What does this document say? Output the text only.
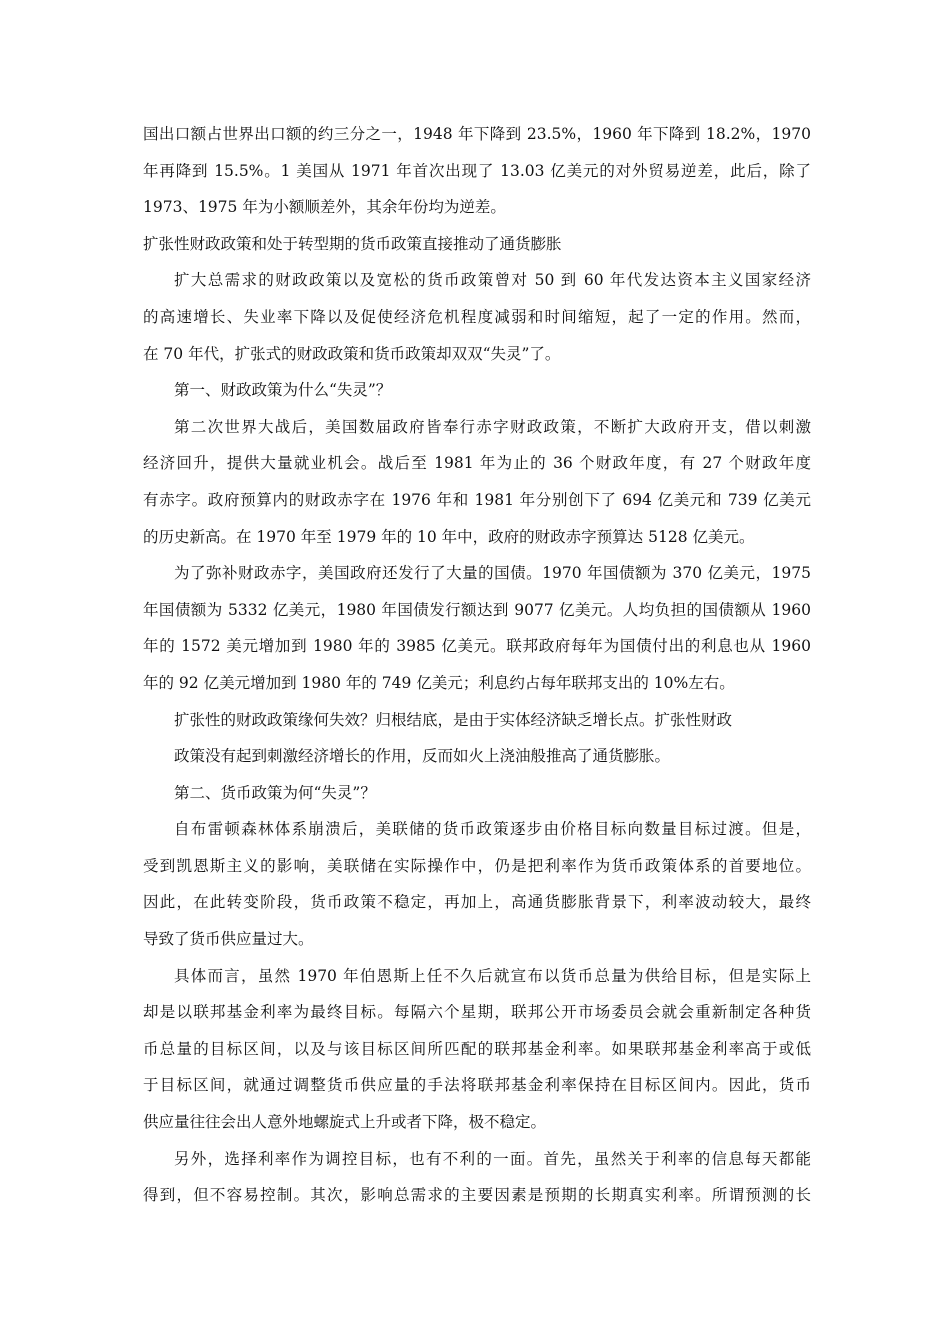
国出口额占世界出口额的约三分之一，1948 年下降到 23.5%，1960 年下降到 18.2%，1970
年再降到 15.5%。1 美国从 1971 年首次出现了 13.03 亿美元的对外贸易逆差，此后，除了
1973、1975 年为小额顺差外，其余年份均为逆差。
扩张性财政政策和处于转型期的货币政策直接推动了通货膨胀
扩大总需求的财政政策以及宽松的货币政策曾对 50 到 60 年代发达资本主义国家经济
的高速增长、失业率下降以及促使经济危机程度减弱和时间缩短，起了一定的作用。然而，
在 70 年代，扩张式的财政政策和货币政策却双双“失灵”了。
第一、财政政策为什么“失灵”？
第二次世界大战后，美国数届政府皆奉行赤字财政政策，不断扩大政府开支，借以刺激
经济回升，提供大量就业机会。战后至 1981 年为止的 36 个财政年度，有 27 个财政年度
有赤字。政府预算内的财政赤字在 1976 年和 1981 年分别创下了 694 亿美元和 739 亿美元
的历史新高。在 1970 年至 1979 年的 10 年中，政府的财政赤字预算达 5128 亿美元。
为了弥补财政赤字，美国政府还发行了大量的国债。1970 年国债额为 370 亿美元，1975
年国债额为 5332 亿美元，1980 年国债发行额达到 9077 亿美元。人均负担的国债额从 1960
年的 1572 美元增加到 1980 年的 3985 亿美元。联邦政府每年为国债付出的利息也从 1960
年的 92 亿美元增加到 1980 年的 749 亿美元；利息约占每年联邦支出的 10%左右。
扩张性的财政政策缘何失效？归根结底，是由于实体经济缺乏增长点。扩张性财政
政策没有起到刺激经济增长的作用，反而如火上浇油般推高了通货膨胀。
第二、货币政策为何“失灵”？
自布雷顿森林体系崩溃后，美联储的货币政策逐步由价格目标向数量目标过渡。但是，
受到凯恩斯主义的影响，美联储在实际操作中，仍是把利率作为货币政策体系的首要地位。
因此，在此转变阶段，货币政策不稳定，再加上，高通货膨胀背景下，利率波动较大，最终
导致了货币供应量过大。
具体而言，虽然 1970 年伯恩斯上任不久后就宣布以货币总量为供给目标，但是实际上
却是以联邦基金利率为最终目标。每隔六个星期，联邦公开市场委员会就会重新制定各种货
币总量的目标区间，以及与该目标区间所匹配的联邦基金利率。如果联邦基金利率高于或低
于目标区间，就通过调整货币供应量的手法将联邦基金利率保持在目标区间内。因此，货币
供应量往往会出人意外地螺旋式上升或者下降，极不稳定。
另外，选择利率作为调控目标，也有不利的一面。首先，虽然关于利率的信息每天都能
得到，但不容易控制。其次，影响总需求的主要因素是预期的长期真实利率。所谓预测的长
